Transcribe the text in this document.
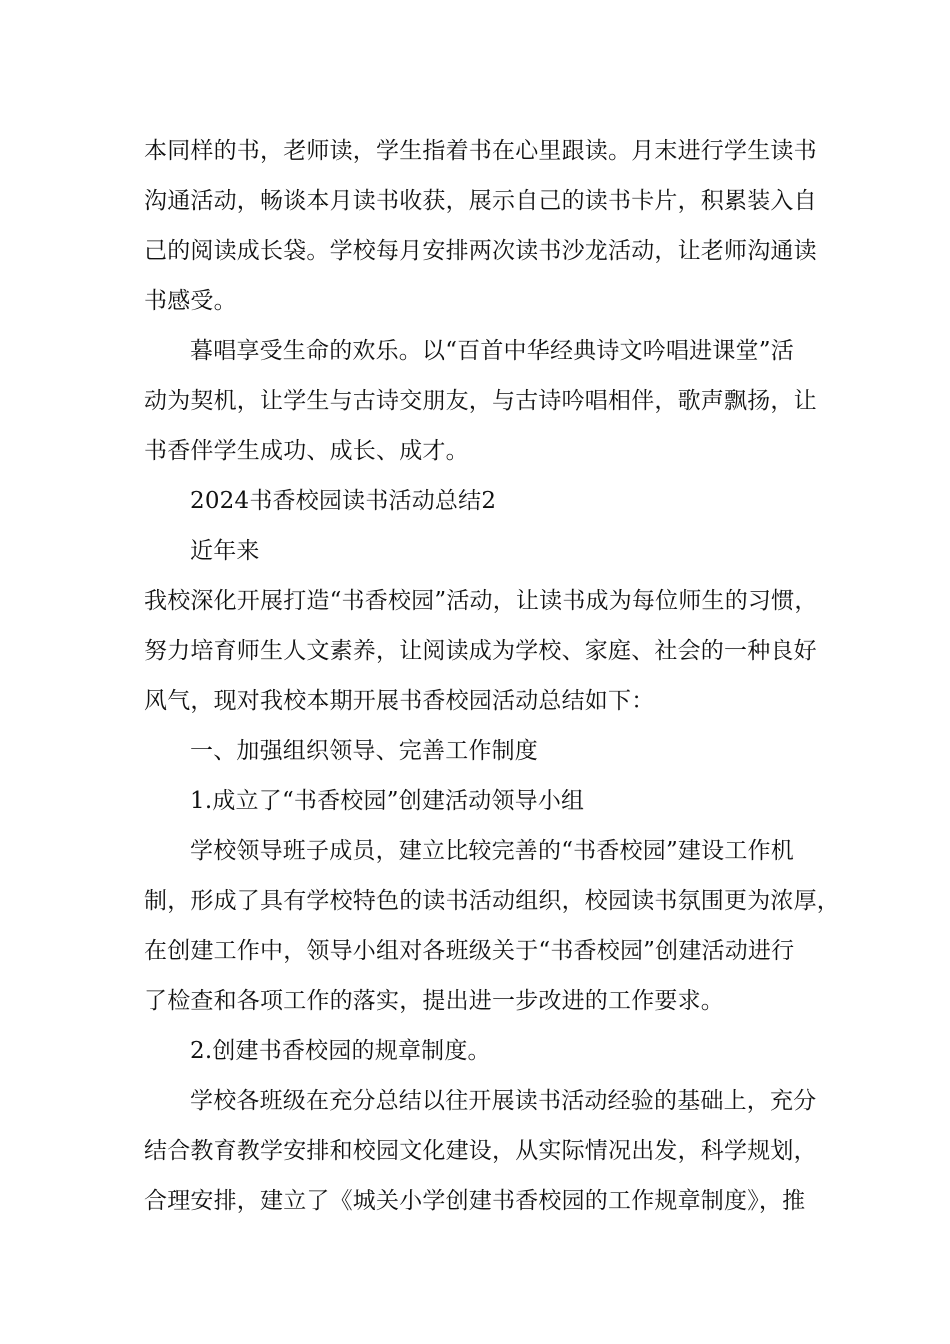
本同样的书，老师读，学生指着书在心里跟读。月末进行学生读书
沟通活动，畅谈本月读书收获，展示自己的读书卡片，积累装入自
己的阅读成长袋。学校每月安排两次读书沙龙活动，让老师沟通读
书感受。
暮唱享受生命的欢乐。以“百首中华经典诗文吟唱进课堂”活
动为契机，让学生与古诗交朋友，与古诗吟唱相伴，歌声飘扬，让
书香伴学生成功、成长、成才。
2024书香校园读书活动总结2
近年来
我校深化开展打造“书香校园”活动，让读书成为每位师生的习惯，
努力培育师生人文素养，让阅读成为学校、家庭、社会的一种良好
风气，现对我校本期开展书香校园活动总结如下：
一、加强组织领导、完善工作制度
1.成立了“书香校园”创建活动领导小组
学校领导班子成员，建立比较完善的“书香校园”建设工作机
制，形成了具有学校特色的读书活动组织，校园读书氛围更为浓厚，
在创建工作中，领导小组对各班级关于“书香校园”创建活动进行
了检查和各项工作的落实，提出进一步改进的工作要求。
2.创建书香校园的规章制度。
学校各班级在充分总结以往开展读书活动经验的基础上，充分
结合教育教学安排和校园文化建设，从实际情况出发，科学规划，
合理安排，建立了《城关小学创建书香校园的工作规章制度》，推
